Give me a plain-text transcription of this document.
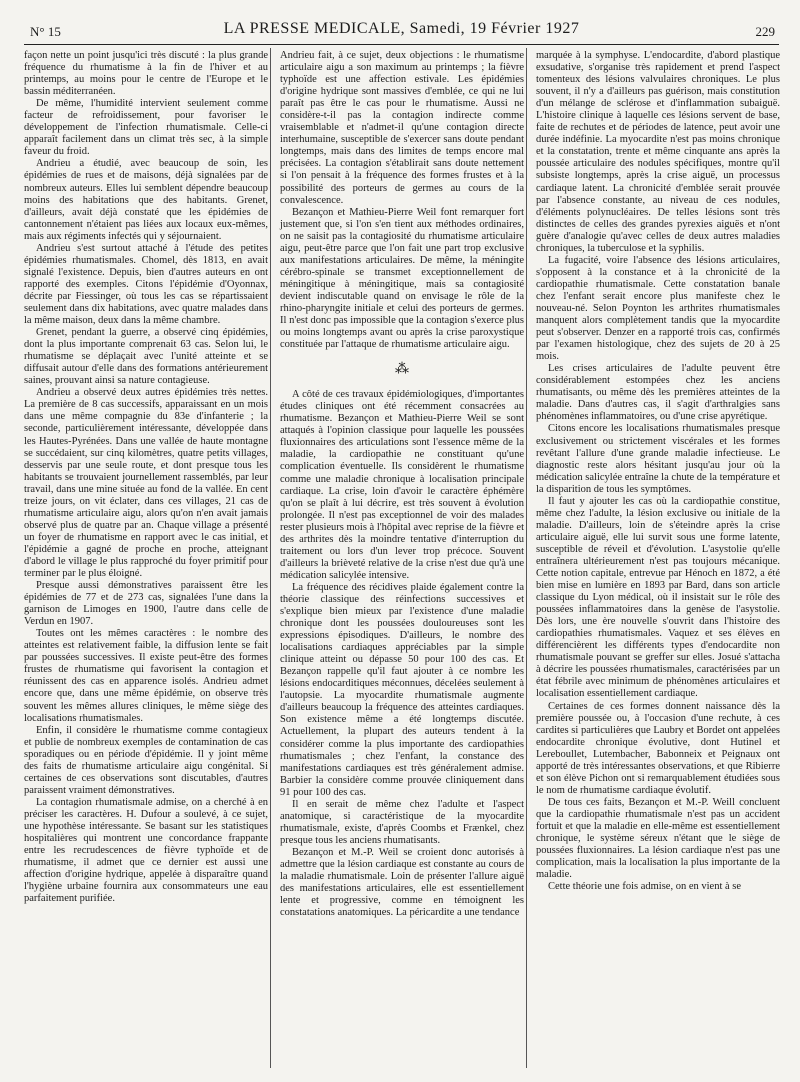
N° 15	LA PRESSE MEDICALE, Samedi, 19 Février 1927	229

façon nette un point jusqu'ici très discuté : la plus grande fréquence du rhumatisme à la fin de l'hiver et au printemps, au moins pour le centre de l'Europe et le bassin méditerranéen.

De même, l'humidité intervient seulement comme facteur de refroidissement, pour favoriser le développement de l'infection rhumatismale. Celle-ci apparaît facilement dans un climat très sec, à la simple faveur du froid.

Andrieu a étudié, avec beaucoup de soin, les épidémies de rues et de maisons, déjà signalées par de nombreux auteurs. Elles lui semblent dépendre beaucoup moins des habitations que des habitants. Grenet, d'ailleurs, avait déjà constaté que les épidémies de cantonnement n'étaient pas liées aux locaux eux-mêmes, mais aux régiments infectés qui y séjournaient.

Andrieu s'est surtout attaché à l'étude des petites épidémies rhumatismales. Chomel, dès 1813, en avait signalé l'existence. Depuis, bien d'autres auteurs en ont rapporté des exemples. Citons l'épidémie d'Oyonnax, décrite par Fiessinger, où tous les cas se répartissaient seulement dans dix habitations, avec quatre malades dans la même maison, deux dans la même chambre.

Grenet, pendant la guerre, a observé cinq épidémies, dont la plus importante comprenait 63 cas. Selon lui, le rhumatisme se déplaçait avec l'unité atteinte et se diffusait autour d'elle dans des formations antérieurement saines, prouvant ainsi sa nature contagieuse.

Andrieu a observé deux autres épidémies très nettes. La première de 8 cas successifs, apparaissant en un mois dans une même compagnie du 83e d'infanterie ; la seconde, particulièrement intéressante, développée dans les Hautes-Pyrénées. Dans une vallée de haute montagne se succédaient, sur cinq kilomètres, quatre petits villages, desservis par une seule route, et dont presque tous les habitants se trouvaient journellement rassemblés, par leur travail, dans une mine située au fond de la vallée. En cent treize jours, on vit éclater, dans ces villages, 21 cas de rhumatisme articulaire aigu, alors qu'on n'en avait jamais observé plus de quatre par an. Chaque village a présenté un foyer de rhumatisme en rapport avec le cas initial, et l'épidémie a gagné de proche en proche, atteignant d'abord le village le plus rapproché du foyer primitif pour terminer par le plus éloigné.

Presque aussi démonstratives paraissent être les épidémies de 77 et de 273 cas, signalées l'une dans la garnison de Limoges en 1900, l'autre dans celle de Verdun en 1907.

Toutes ont les mêmes caractères : le nombre des atteintes est relativement faible, la diffusion lente se fait par poussées successives. Il existe peut-être des formes frustes de rhumatisme qui favorisent la contagion et réunissent des cas en apparence isolés. Andrieu admet encore que, dans une même épidémie, on observe très souvent les mêmes allures cliniques, le même siège des localisations rhumatismales.

Enfin, il considère le rhumatisme comme contagieux et publie de nombreux exemples de contamination de cas sporadiques ou en période d'épidémie. Il y joint même des faits de rhumatisme articulaire aigu congénital. Si certaines de ces observations sont discutables, d'autres paraissent vraiment démonstratives.

La contagion rhumatismale admise, on a cherché à en préciser les caractères. H. Dufour a soulevé, à ce sujet, une hypothèse intéressante. Se basant sur les statistiques hospitalières qui montrent une concordance frappante entre les recrudescences de fièvre typhoïde et de rhumatisme, il admet que ce dernier est aussi une affection d'origine hydrique, appelée à disparaître quand l'hygiène urbaine fournira aux consommateurs une eau parfaitement purifiée.

Andrieu fait, à ce sujet, deux objections : le rhumatisme articulaire aigu a son maximum au printemps ; la fièvre typhoïde est une affection estivale. Les épidémies d'origine hydrique sont massives d'emblée, ce qui ne lui paraît pas être le cas pour le rhumatisme. Aussi ne considère-t-il pas la contagion indirecte comme vraisemblable et n'admet-il qu'une contagion directe interhumaine, susceptible de s'exercer sans doute pendant longtemps, mais dans des limites de temps encore mal précisées. La contagion s'établirait sans doute nettement si l'on pensait à la fréquence des formes frustes et à la possibilité des porteurs de germes au cours de la convalescence.

Bezançon et Mathieu-Pierre Weil font remarquer fort justement que, si l'on s'en tient aux méthodes ordinaires, on ne saisit pas la contagiosité du rhumatisme articulaire aigu, peut-être parce que l'on fait une part trop exclusive aux manifestations articulaires. De même, la méningite cérébro-spinale se transmet exceptionnellement de méningitique à méningitique, mais sa contagiosité devient indiscutable quand on envisage le rôle de la rhino-pharyngite initiale et celui des porteurs de germes. Il n'est donc pas impossible que la contagion s'exerce plus ou moins longtemps avant ou après la crise paroxystique constituée par l'attaque de rhumatisme articulaire aigu.

⁂

A côté de ces travaux épidémiologiques, d'importantes études cliniques ont été récemment consacrées au rhumatisme. Bezançon et Mathieu-Pierre Weil se sont attaqués à l'opinion classique pour laquelle les poussées fluxionnaires des articulations sont l'essence même de la maladie, la cardiopathie ne constituant qu'une complication éventuelle. Ils considèrent le rhumatisme comme une maladie chronique à localisation principale cardiaque. La crise, loin d'avoir le caractère éphémère qu'on se plaît à lui décrire, est très souvent à évolution prolongée. Il n'est pas exceptionnel de voir des malades rester plusieurs mois à l'hôpital avec reprise de la fièvre et des arthrites dès la moindre tentative d'interruption du traitement ou lors d'un lever trop précoce. Souvent d'ailleurs la brièveté relative de la crise n'est due qu'à une médication salicylée intensive.

La fréquence des récidives plaide également contre la théorie classique des réinfections successives et s'explique bien mieux par l'existence d'une maladie chronique dont les poussées douloureuses sont les expressions épisodiques. D'ailleurs, le nombre des localisations cardiaques appréciables par la simple clinique atteint ou dépasse 50 pour 100 des cas. Et Bezançon rappelle qu'il faut ajouter à ce nombre les lésions endocarditiques méconnues, décelées seulement à l'autopsie. La myocardite rhumatismale augmente d'ailleurs beaucoup la fréquence des atteintes cardiaques. Son existence même a été longtemps discutée. Actuellement, la plupart des auteurs tendent à la considérer comme la plus importante des cardiopathies rhumatismales ; chez l'enfant, la constance des manifestations cardiaques est très généralement admise. Barbier la considère comme prouvée cliniquement dans 91 pour 100 des cas.

Il en serait de même chez l'adulte et l'aspect anatomique, si caractéristique de la myocardite rhumatismale, existe, d'après Coombs et Frænkel, chez presque tous les anciens rhumatisants.

Bezançon et M.-P. Weil se croient donc autorisés à admettre que la lésion cardiaque est constante au cours de la maladie rhumatismale. Loin de présenter l'allure aiguë des manifestations articulaires, elle est essentiellement lente et progressive, comme en témoignent les constatations anatomiques. La péricardite a une tendance

marquée à la symphyse. L'endocardite, d'abord plastique exsudative, s'organise très rapidement et prend l'aspect tomenteux des lésions valvulaires chroniques. Le plus souvent, il n'y a d'ailleurs pas guérison, mais constitution d'un mélange de sclérose et d'inflammation subaiguë. L'histoire clinique à laquelle ces lésions servent de base, faite de rechutes et de périodes de latence, peut avoir une durée indéfinie. La myocardite n'est pas moins chronique et la constatation, trente et même cinquante ans après la poussée articulaire des nodules spécifiques, montre qu'il subsiste longtemps, après la crise aiguë, un processus cardiaque latent. La chronicité d'emblée serait prouvée par l'absence constante, au niveau de ces nodules, d'éléments polynucléaires. De telles lésions sont très distinctes de celles des grandes pyrexies aiguës et n'ont guère d'analogie qu'avec celles de deux autres maladies chroniques, la tuberculose et la syphilis.

La fugacité, voire l'absence des lésions articulaires, s'opposent à la constance et à la chronicité de la cardiopathie rhumatismale. Cette constatation banale chez l'enfant serait encore plus manifeste chez le nouveau-né. Selon Poynton les arthrites rhumatismales manquent alors complètement tandis que la myocardite peut s'observer. Denzer en a rapporté trois cas, confirmés par l'examen histologique, chez des sujets de 20 à 25 mois.

Les crises articulaires de l'adulte peuvent être considérablement estompées chez les anciens rhumatisants, ou même dès les premières atteintes de la maladie. Dans d'autres cas, il s'agit d'arthralgies sans phénomènes inflammatoires, ou d'une crise apyrétique.

Citons encore les localisations rhumatismales presque exclusivement ou strictement viscérales et les formes revêtant l'allure d'une grande maladie infectieuse. Le diagnostic reste alors hésitant jusqu'au jour où la médication salicylée entraîne la chute de la température et la disparition de tous les symptômes.

Il faut y ajouter les cas où la cardiopathie constitue, même chez l'adulte, la lésion exclusive ou initiale de la maladie. D'ailleurs, loin de s'éteindre après la crise articulaire aiguë, elle lui survit sous une forme latente, susceptible de réveil et d'évolution. L'asystolie qu'elle entraînera ultérieurement n'est pas toujours mécanique. Cette notion capitale, entrevue par Hénoch en 1872, a été bien mise en lumière en 1893 par Bard, dans son article classique du Lyon médical, où il insistait sur le rôle des poussées inflammatoires dans la genèse de l'asystolie. Dès lors, une ère nouvelle s'ouvrit dans l'histoire des cardiopathies rhumatismales. Vaquez et ses élèves en différencièrent les différents types d'endocardite non rhumatismale pouvant se greffer sur elles. Josué s'attacha à décrire les poussées rhumatismales, caractérisées par un état fébrile avec minimum de phénomènes articulaires et localisation essentiellement cardiaque.

Certaines de ces formes donnent naissance dès la première poussée ou, à l'occasion d'une rechute, à ces cardites si particulières que Laubry et Bordet ont appelées endocardite chronique évolutive, dont Hutinel et Lereboullet, Lutembacher, Babonneix et Peignaux ont apporté de très intéressantes observations, et que Ribierre et son élève Pichon ont si remarquablement étudiées sous le nom de rhumatisme cardiaque évolutif.

De tous ces faits, Bezançon et M.-P. Weill concluent que la cardiopathie rhumatismale n'est pas un accident fortuit et que la maladie en elle-même est essentiellement chronique, le système séreux n'étant que le siège de poussées fluxionnaires. La lésion cardiaque n'est pas une complication, mais la localisation la plus importante de la maladie.

Cette théorie une fois admise, on en vient à se
